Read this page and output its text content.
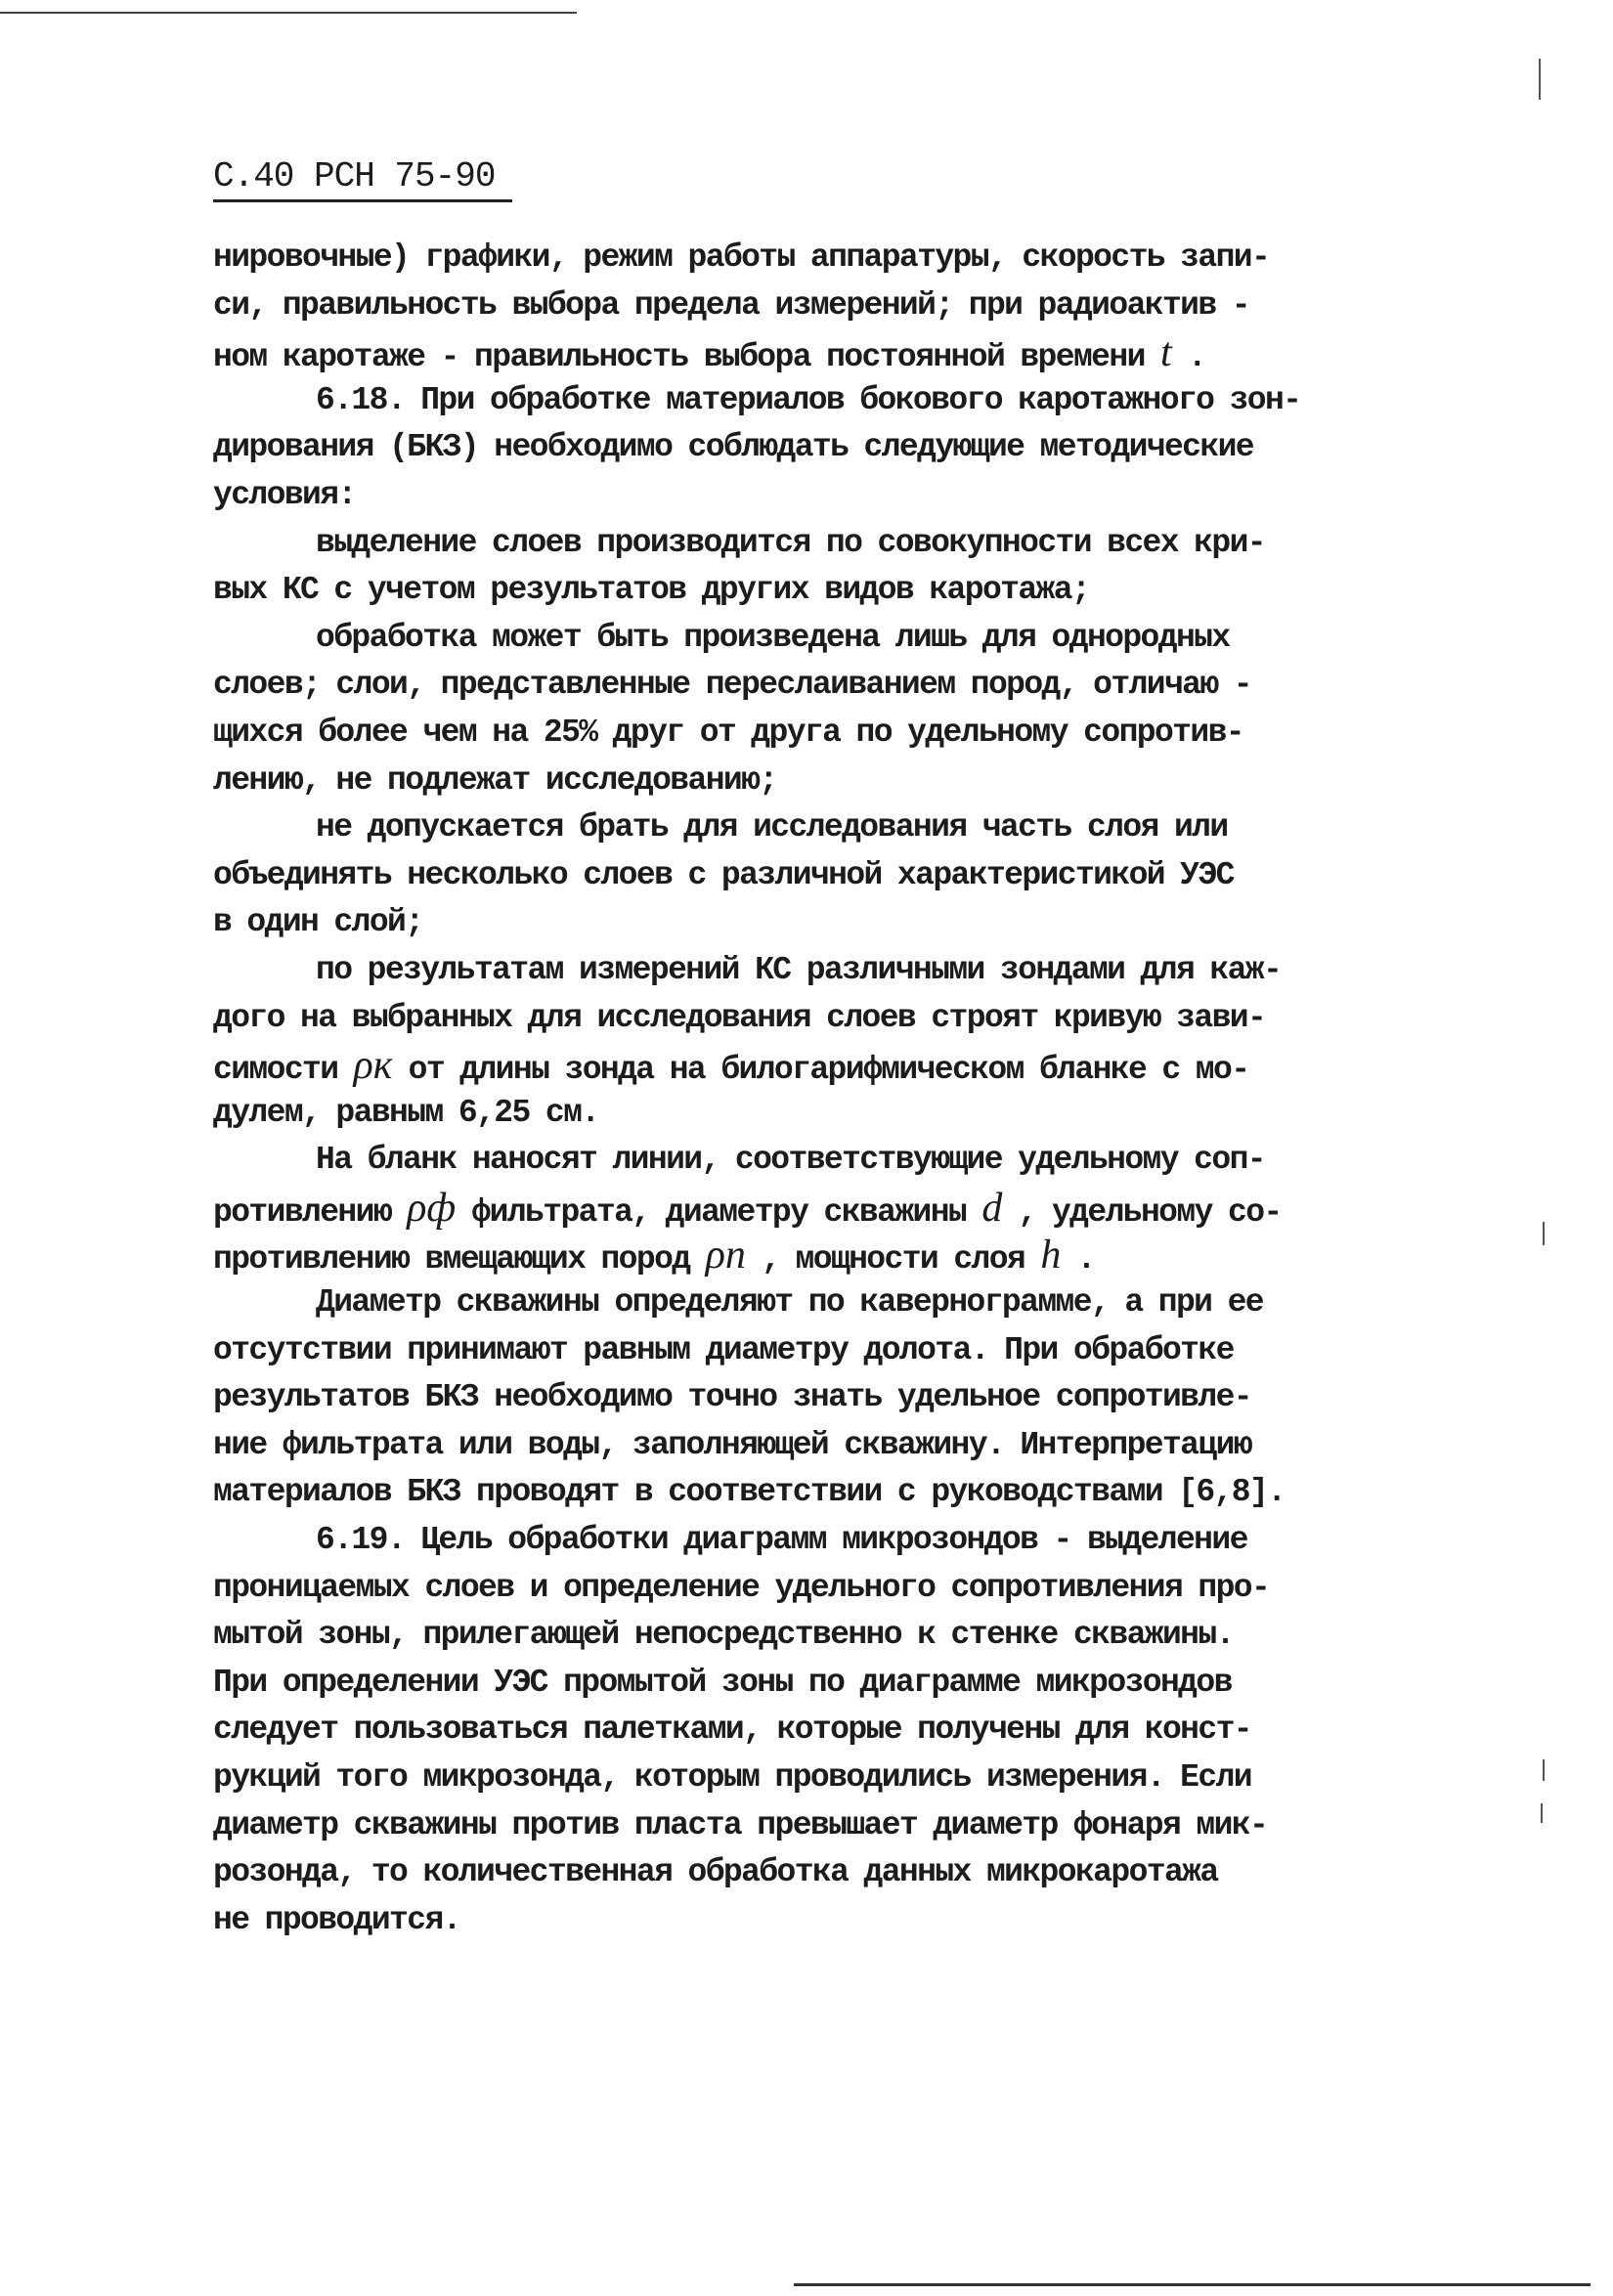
С.40 РСН 75-90
нировочные) графики, режим работы аппаратуры, скорость запи-
си, правильность выбора предела измерений; при радиоактив -
ном каротаже - правильность выбора постоянной времени t .
6.18. При обработке материалов бокового каротажного зон-
дирования (БКЗ) необходимо соблюдать следующие методические
условия:
выделение слоев производится по совокупности всех кри-
вых КС с учетом результатов других видов каротажа;
обработка может быть произведена лишь для однородных
слоев; слои, представленные переслаиванием пород, отличаю -
щихся более чем на 25% друг от друга по удельному сопротив-
лению, не подлежат исследованию;
не допускается брать для исследования часть слоя или
объединять несколько слоев с различной характеристикой УЭС
в один слой;
по результатам измерений КС различными зондами для каж-
дого на выбранных для исследования слоев строят кривую зави-
симости ρк от длины зонда на билогарифмическом бланке с мо-
дулем, равным 6,25 см.
На бланк наносят линии, соответствующие удельному соп-
ротивлению ρф фильтрата, диаметру скважины d , удельному со-
противлению вмещающих пород ρп , мощности слоя h .
Диаметр скважины определяют по кавернограмме, а при ее
отсутствии принимают равным диаметру долота. При обработке
результатов БКЗ необходимо точно знать удельное сопротивле-
ние фильтрата или воды, заполняющей скважину. Интерпретацию
материалов БКЗ проводят в соответствии с руководствами [6,8].
6.19. Цель обработки диаграмм микрозондов - выделение
проницаемых слоев и определение удельного сопротивления про-
мытой зоны, прилегающей непосредственно к стенке скважины.
При определении УЭС промытой зоны по диаграмме микрозондов
следует пользоваться палетками, которые получены для конст-
рукций того микрозонда, которым проводились измерения. Если
диаметр скважины против пласта превышает диаметр фонаря мик-
розонда, то количественная обработка данных микрокаротажа
не проводится.
